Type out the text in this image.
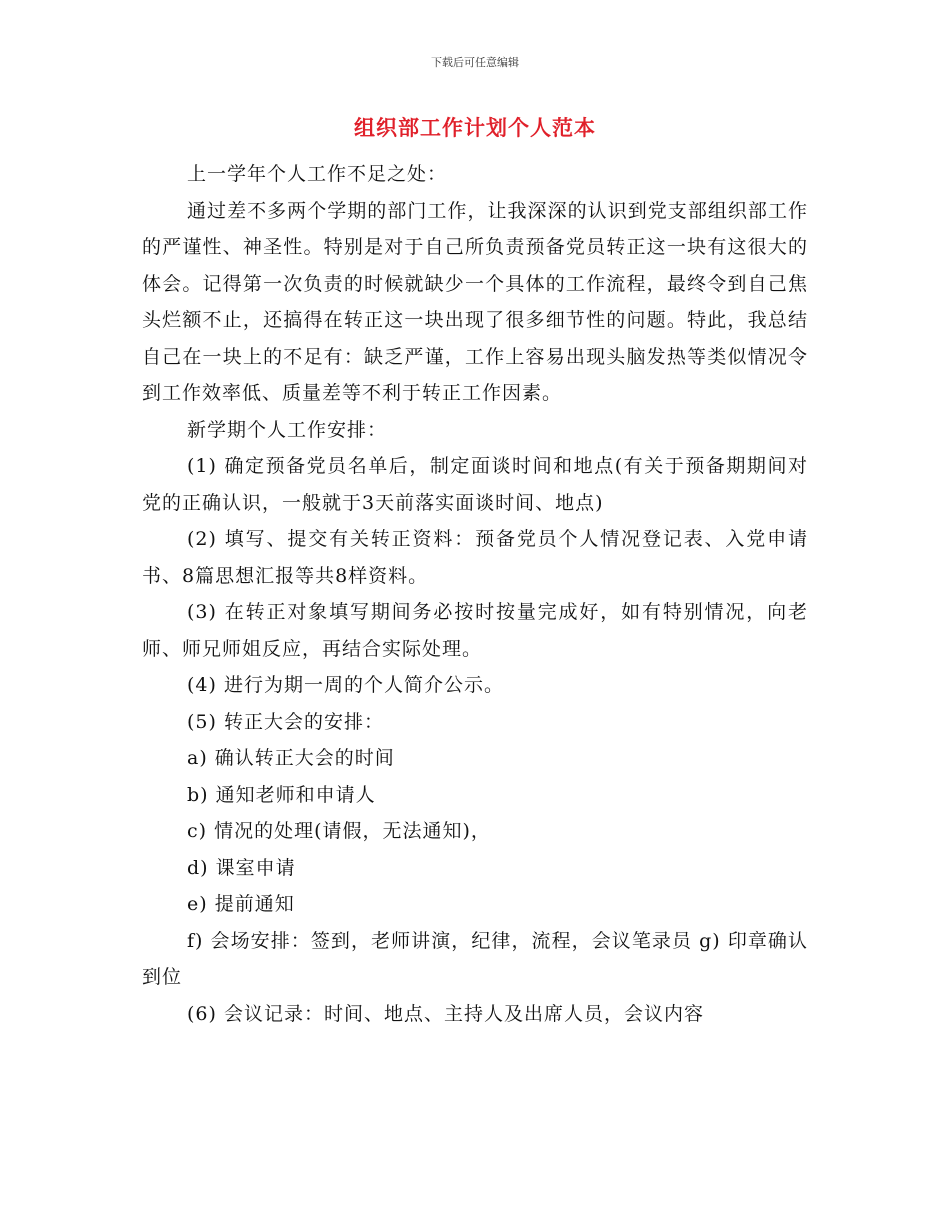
下载后可任意编辑
组织部工作计划个人范本

上一学年个人工作不足之处：

通过差不多两个学期的部门工作，让我深深的认识到党支部组织部工作的严谨性、神圣性。特别是对于自己所负责预备党员转正这一块有这很大的体会。记得第一次负责的时候就缺少一个具体的工作流程，最终令到自己焦头烂额不止，还搞得在转正这一块出现了很多细节性的问题。特此，我总结自己在一块上的不足有：缺乏严谨，工作上容易出现头脑发热等类似情况令到工作效率低、质量差等不利于转正工作因素。

新学期个人工作安排：

(1) 确定预备党员名单后，制定面谈时间和地点(有关于预备期期间对党的正确认识，一般就于3天前落实面谈时间、地点)

(2) 填写、提交有关转正资料：预备党员个人情况登记表、入党申请书、8篇思想汇报等共8样资料。

(3) 在转正对象填写期间务必按时按量完成好，如有特别情况，向老师、师兄师姐反应，再结合实际处理。

(4) 进行为期一周的个人简介公示。

(5) 转正大会的安排：

a) 确认转正大会的时间

b) 通知老师和申请人

c) 情况的处理(请假，无法通知)，

d) 课室申请

e) 提前通知

f) 会场安排：签到，老师讲演，纪律，流程，会议笔录员 g) 印章确认到位

(6) 会议记录：时间、地点、主持人及出席人员，会议内容
